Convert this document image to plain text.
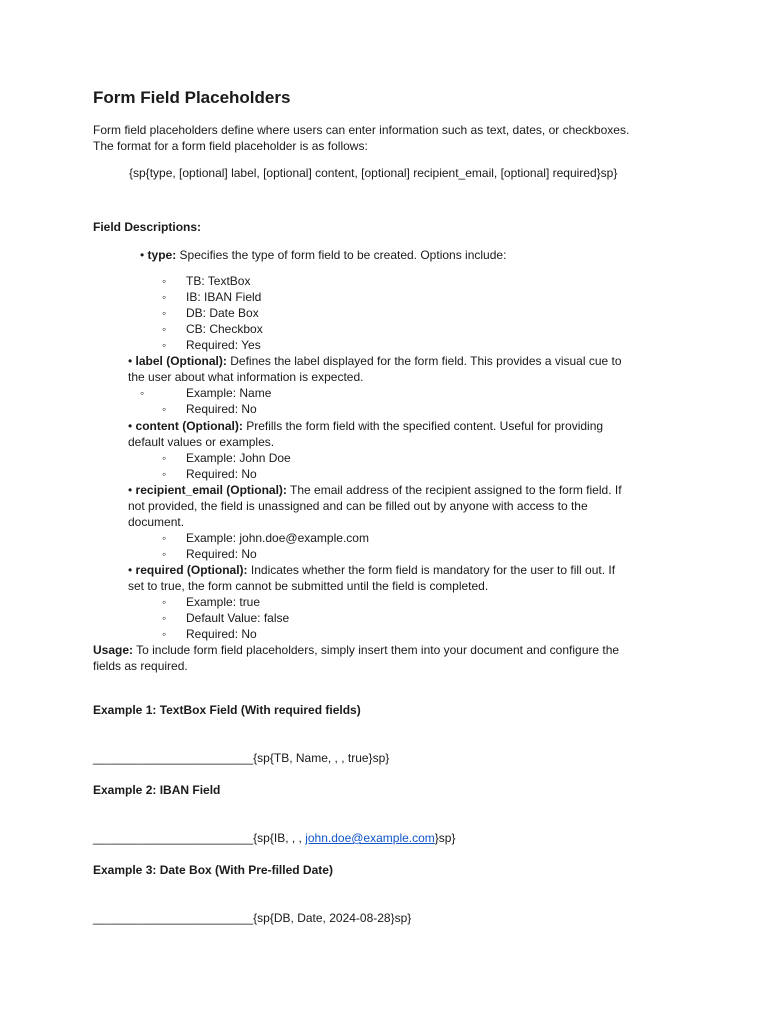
Form Field Placeholders
Form field placeholders define where users can enter information such as text, dates, or checkboxes.
The format for a form field placeholder is as follows:
{sp{type, [optional] label, [optional] content, [optional] recipient_email, [optional] required}sp}
Field Descriptions:
• type: Specifies the type of form field to be created. Options include:
◦ TB: TextBox
◦ IB: IBAN Field
◦ DB: Date Box
◦ CB: Checkbox
◦ Required: Yes
• label (Optional): Defines the label displayed for the form field. This provides a visual cue to
the user about what information is expected.
◦	Example: Name
◦ Required: No
• content (Optional): Prefills the form field with the specified content. Useful for providing
default values or examples.
◦ Example: John Doe
◦ Required: No
• recipient_email (Optional): The email address of the recipient assigned to the form field. If
not provided, the field is unassigned and can be filled out by anyone with access to the
document.
◦ Example: john.doe@example.com
◦ Required: No
• required (Optional): Indicates whether the form field is mandatory for the user to fill out. If
set to true, the form cannot be submitted until the field is completed.
◦ Example: true
◦ Default Value: false
◦ Required: No
Usage: To include form field placeholders, simply insert them into your document and configure the
fields as required.
Example 1: TextBox Field (With required fields)
________________________{sp{TB, Name, , , true}sp}
Example 2: IBAN Field
________________________{sp{IB, , , john.doe@example.com}sp}
Example 3: Date Box (With Pre-filled Date)
________________________{sp{DB, Date, 2024-08-28}sp}
